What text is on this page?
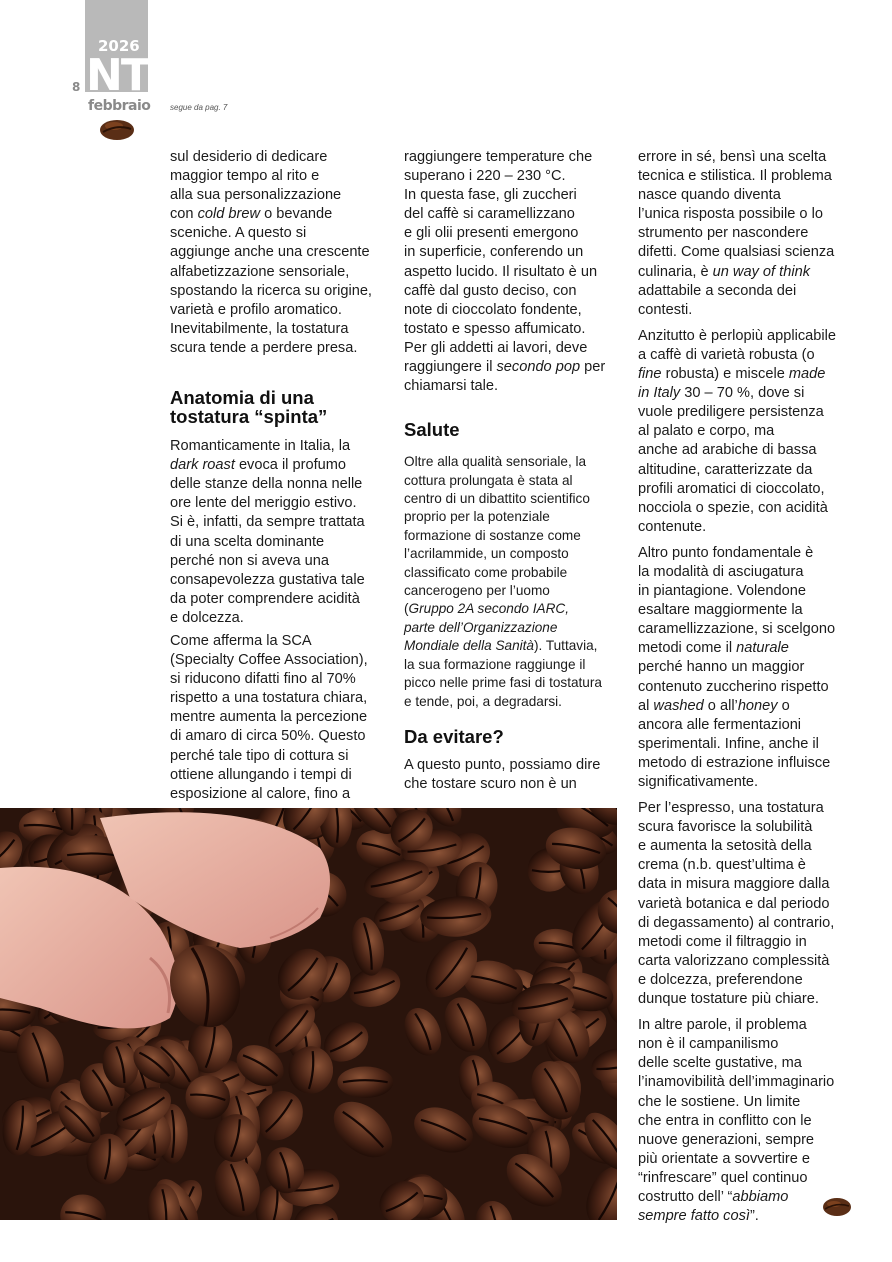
2026
NT
8
febbraio segue da pag. 7

sul desiderio di dedicare
maggior tempo al rito e
alla sua personalizzazione
con cold brew o bevande
sceniche. A questo si
aggiunge anche una crescente
alfabetizzazione sensoriale,
spostando la ricerca su origine,
varietà e profilo aromatico.
Inevitabilmente, la tostatura
scura tende a perdere presa.

Anatomia di una tostatura “spinta”

Romanticamente in Italia, la
dark roast evoca il profumo
delle stanze della nonna nelle
ore lente del meriggio estivo.
Si è, infatti, da sempre trattata
di una scelta dominante
perché non si aveva una
consapevolezza gustativa tale
da poter comprendere acidità
e dolcezza.

Come afferma la SCA
(Specialty Coffee Association),
si riducono difatti fino al 70%
rispetto a una tostatura chiara,
mentre aumenta la percezione
di amaro di circa 50%. Questo
perché tale tipo di cottura si
ottiene allungando i tempi di
esposizione al calore, fino a

raggiungere temperature che
superano i 220 – 230 °C.
In questa fase, gli zuccheri
del caffè si caramellizzano
e gli olii presenti emergono
in superficie, conferendo un
aspetto lucido. Il risultato è un
caffè dal gusto deciso, con
note di cioccolato fondente,
tostato e spesso affumicato.
Per gli addetti ai lavori, deve
raggiungere il secondo pop per
chiamarsi tale.

Salute

Oltre alla qualità sensoriale, la
cottura prolungata è stata al
centro di un dibattito scientifico
proprio per la potenziale
formazione di sostanze come
l’acrilammide, un composto
classificato come probabile
cancerogeno per l’uomo
(Gruppo 2A secondo IARC,
parte dell’Organizzazione
Mondiale della Sanità). Tuttavia,
la sua formazione raggiunge il
picco nelle prime fasi di tostatura
e tende, poi, a degradarsi.

Da evitare?

A questo punto, possiamo dire
che tostare scuro non è un

errore in sé, bensì una scelta
tecnica e stilistica. Il problema
nasce quando diventa
l’unica risposta possibile o lo
strumento per nascondere
difetti. Come qualsiasi scienza
culinaria, è un way of think
adattabile a seconda dei
contesti.

Anzitutto è perlopiù applicabile
a caffè di varietà robusta (o
fine robusta) e miscele made
in Italy 30 – 70 %, dove si
vuole prediligere persistenza
al palato e corpo, ma
anche ad arabiche di bassa
altitudine, caratterizzate da
profili aromatici di cioccolato,
nocciola o spezie, con acidità
contenute.

Altro punto fondamentale è
la modalità di asciugatura
in piantagione. Volendone
esaltare maggiormente la
caramellizzazione, si scelgono
metodi come il naturale
perché hanno un maggior
contenuto zuccherino rispetto
al washed o all’honey o
ancora alle fermentazioni
sperimentali. Infine, anche il
metodo di estrazione influisce
significativamente.

Per l’espresso, una tostatura
scura favorisce la solubilità
e aumenta la setosità della
crema (n.b. quest’ultima è
data in misura maggiore dalla
varietà botanica e dal periodo
di degassamento) al contrario,
metodi come il filtraggio in
carta valorizzano complessità
e dolcezza, preferendone
dunque tostature più chiare.

In altre parole, il problema
non è il campanilismo
delle scelte gustative, ma
l’inamovibilità dell’immaginario
che le sostiene. Un limite
che entra in conflitto con le
nuove generazioni, sempre
più orientate a sovvertire e
“rinfrescare” quel continuo
costrutto dell’ “abbiamo
sempre fatto così”.
